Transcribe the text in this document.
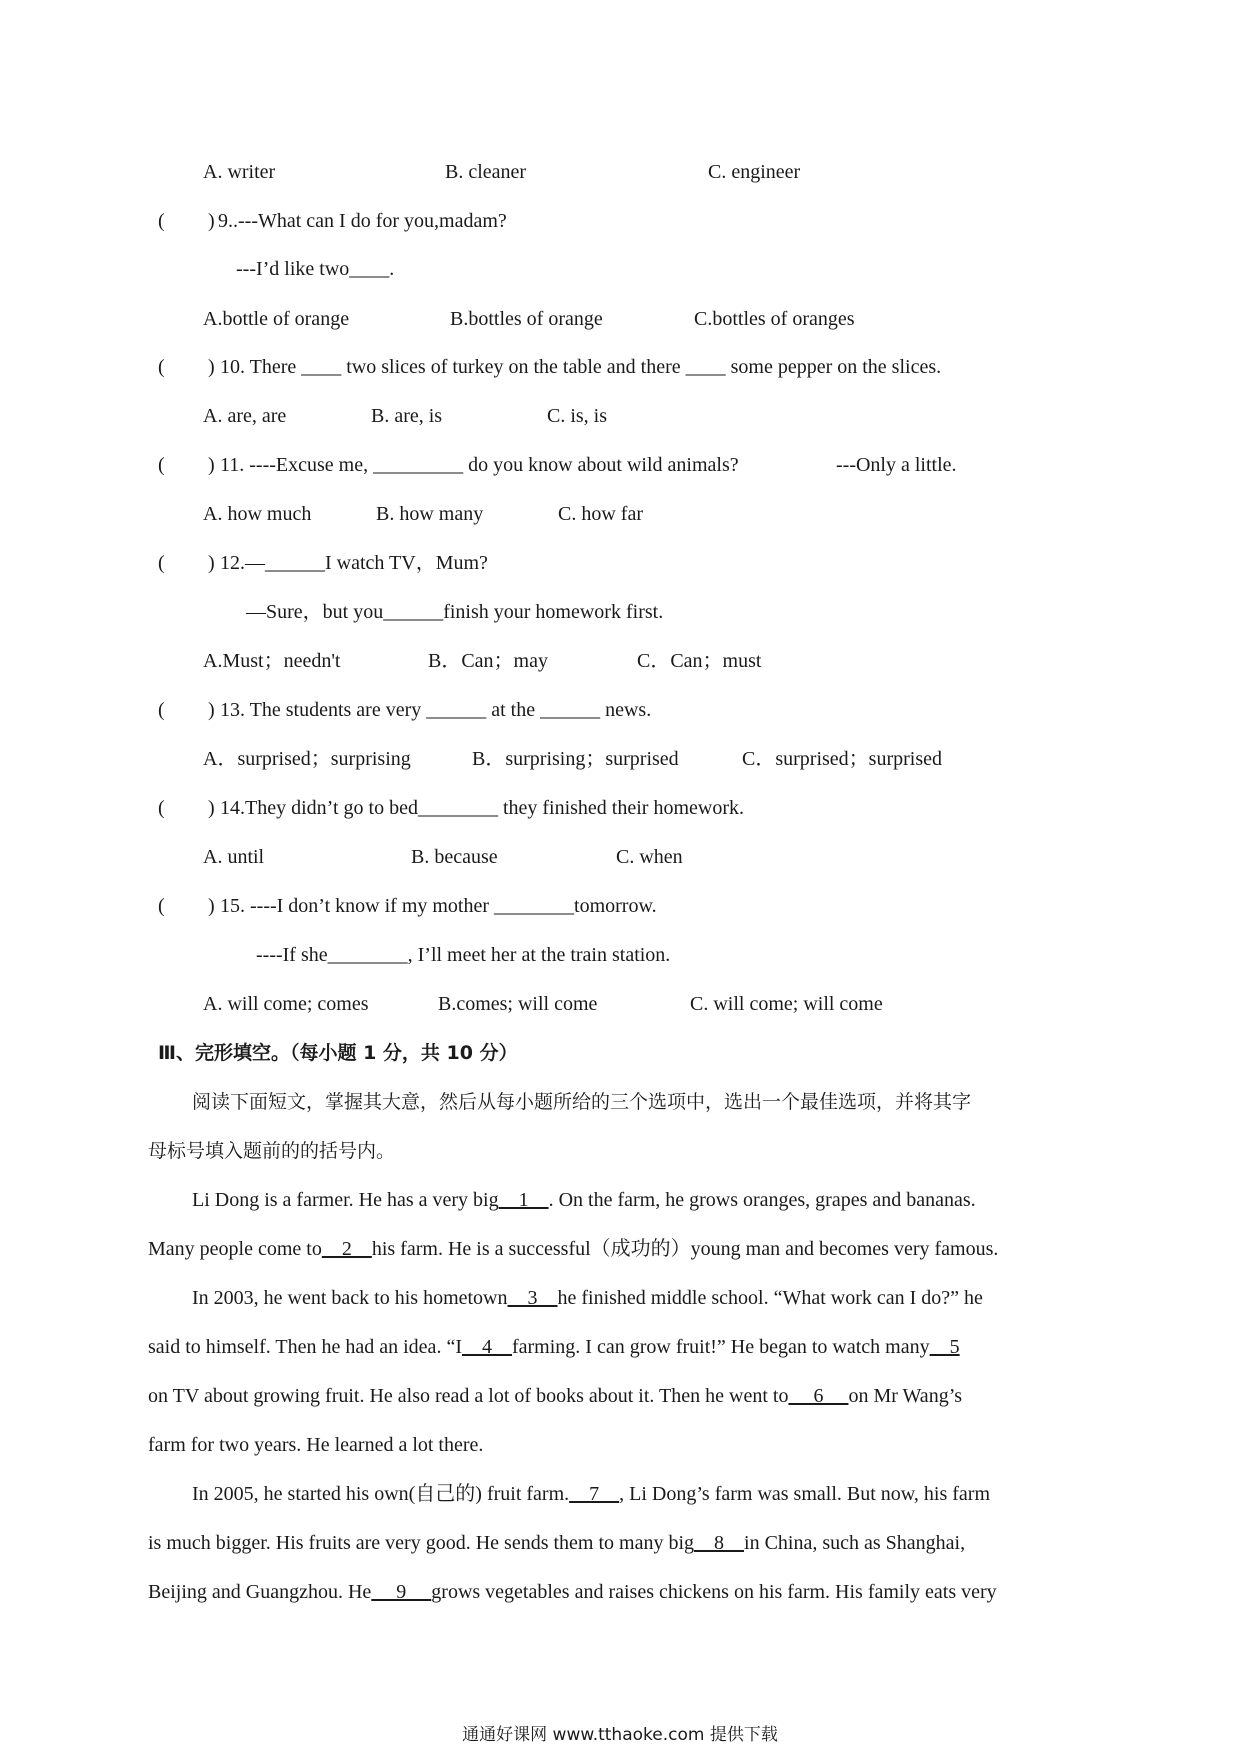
A. writer	B. cleaner	C. engineer
( ) 9..---What can I do for you,madam?
---I’d like two____.
A.bottle of orange	B.bottles of orange	C.bottles of oranges
( ) 10. There ____ two slices of turkey on the table and there ____ some pepper on the slices.
A. are, are	B. are, is	C. is, is
( ) 11. ----Excuse me, _________ do you know about wild animals?	---Only a little.
A. how much	B. how many	C. how far
( ) 12.—______I watch TV，Mum?
—Sure，but you______finish your homework first.
A.Must；needn't	B．Can；may	C．Can；must
( ) 13. The students are very ______ at the ______ news.
A．surprised；surprising	B．surprising；surprised	C．surprised；surprised
( ) 14.They didn’t go to bed________ they finished their homework.
A. until	B. because	C. when
( ) 15. ----I don’t know if my mother ________tomorrow.
----If she________, I’ll meet her at the train station.
A. will come; comes	B.comes; will come	C. will come; will come
Ⅲ、完形填空。（每小题 1 分，共 10 分）
阅读下面短文，掌握其大意，然后从每小题所给的三个选项中，选出一个最佳选项，并将其字
母标号填入题前的的括号内。
Li Dong is a farmer. He has a very big    1    . On the farm, he grows oranges, grapes and bananas.
Many people come to    2    his farm. He is a successful（成功的）young man and becomes very famous.
In 2003, he went back to his hometown    3    he finished middle school. “What work can I do?” he
said to himself. Then he had an idea. “I    4    farming. I can grow fruit!” He began to watch many    5
on TV about growing fruit. He also read a lot of books about it. Then he went to     6     on Mr Wang’s
farm for two years. He learned a lot there.
In 2005, he started his own(自己的) fruit farm.    7    , Li Dong’s farm was small. But now, his farm
is much bigger. His fruits are very good. He sends them to many big    8    in China, such as Shanghai,
Beijing and Guangzhou. He     9     grows vegetables and raises chickens on his farm. His family eats very
通通好课网 www.tthaoke.com 提供下载
